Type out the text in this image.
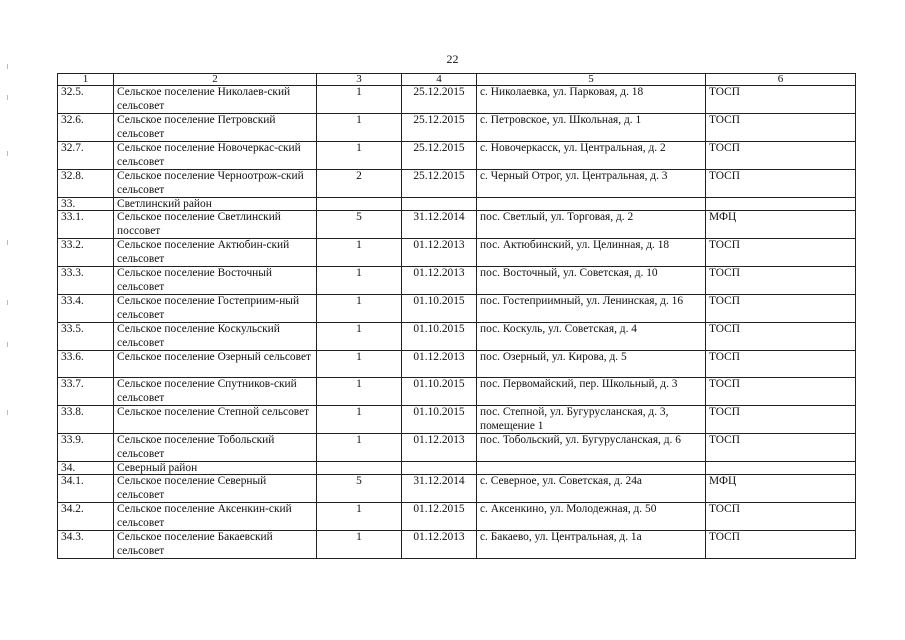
22
1	2	3	4	5	6
32.5.	Сельское поселение Николаев-ский сельсовет	1	25.12.2015	с. Николаевка, ул. Парковая, д. 18	ТОСП
32.6.	Сельское поселение Петровский сельсовет	1	25.12.2015	с. Петровское, ул. Школьная, д. 1	ТОСП
32.7.	Сельское поселение Новочеркас-ский сельсовет	1	25.12.2015	с. Новочеркасск, ул. Центральная, д. 2	ТОСП
32.8.	Сельское поселение Черноотрож-ский сельсовет	2	25.12.2015	с. Черный Отрог, ул. Центральная, д. 3	ТОСП
33.	Светлинский район				
33.1.	Сельское поселение Светлинский поссовет	5	31.12.2014	пос. Светлый, ул. Торговая, д. 2	МФЦ
33.2.	Сельское поселение Актюбин-ский сельсовет	1	01.12.2013	пос. Актюбинский, ул. Целинная, д. 18	ТОСП
33.3.	Сельское поселение Восточный сельсовет	1	01.12.2013	пос. Восточный, ул. Советская, д. 10	ТОСП
33.4.	Сельское поселение Гостеприим-ный сельсовет	1	01.10.2015	пос. Гостеприимный, ул. Ленинская, д. 16	ТОСП
33.5.	Сельское поселение Коскульский сельсовет	1	01.10.2015	пос. Коскуль, ул. Советская, д. 4	ТОСП
33.6.	Сельское поселение Озерный сельсовет	1	01.12.2013	пос. Озерный, ул. Кирова, д. 5	ТОСП
33.7.	Сельское поселение Спутников-ский сельсовет	1	01.10.2015	пос. Первомайский, пер. Школьный, д. 3	ТОСП
33.8.	Сельское поселение Степной сельсовет	1	01.10.2015	пос. Степной, ул. Бугурусланская, д. 3, помещение 1	ТОСП
33.9.	Сельское поселение Тобольский сельсовет	1	01.12.2013	пос. Тобольский, ул. Бугурусланская, д. 6	ТОСП
34.	Северный район				
34.1.	Сельское поселение Северный сельсовет	5	31.12.2014	с. Северное, ул. Советская, д. 24а	МФЦ
34.2.	Сельское поселение Аксенкин-ский сельсовет	1	01.12.2015	с. Аксенкино, ул. Молодежная, д. 50	ТОСП
34.3.	Сельское поселение Бакаевский сельсовет	1	01.12.2013	с. Бакаево, ул. Центральная, д. 1а	ТОСП
